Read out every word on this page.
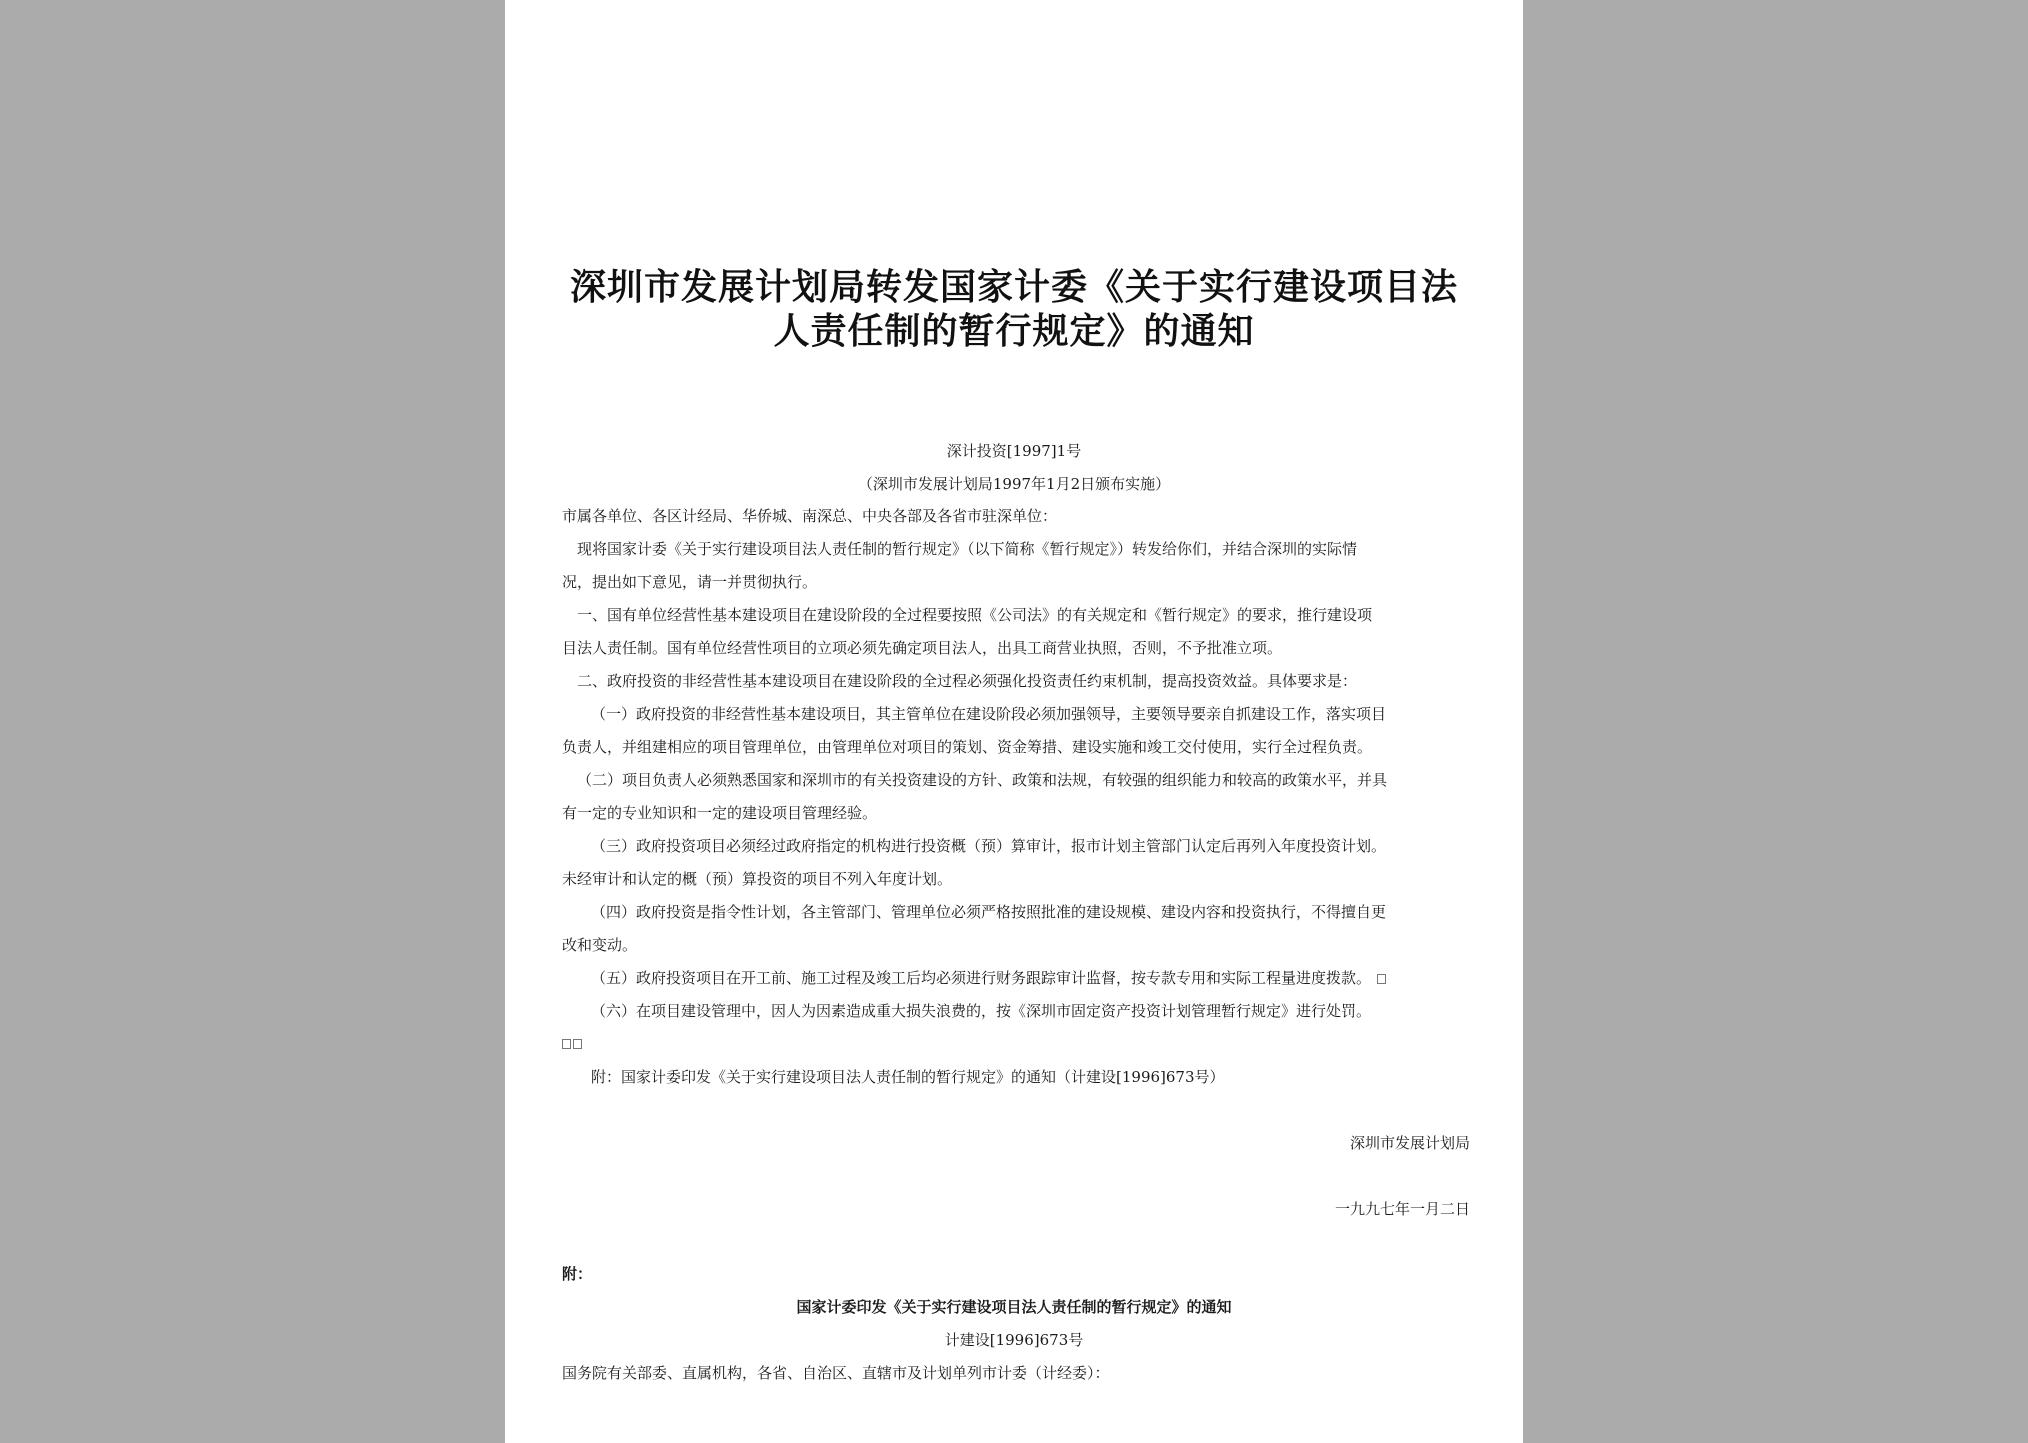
深圳市发展计划局转发国家计委《关于实行建设项目法
人责任制的暂行规定》的通知
深计投资[1997]1号
（深圳市发展计划局1997年1月2日颁布实施）
市属各单位、各区计经局、华侨城、南深总、中央各部及各省市驻深单位：
现将国家计委《关于实行建设项目法人责任制的暂行规定》（以下简称《暂行规定》）转发给你们，并结合深圳的实际情
况，提出如下意见，请一并贯彻执行。
一、国有单位经营性基本建设项目在建设阶段的全过程要按照《公司法》的有关规定和《暂行规定》的要求，推行建设项
目法人责任制。国有单位经营性项目的立项必须先确定项目法人，出具工商营业执照，否则，不予批准立项。
二、政府投资的非经营性基本建设项目在建设阶段的全过程必须强化投资责任约束机制，提高投资效益。具体要求是：
（一）政府投资的非经营性基本建设项目，其主管单位在建设阶段必须加强领导，主要领导要亲自抓建设工作，落实项目
负责人，并组建相应的项目管理单位，由管理单位对项目的策划、资金筹措、建设实施和竣工交付使用，实行全过程负责。
（二）项目负责人必须熟悉国家和深圳市的有关投资建设的方针、政策和法规，有较强的组织能力和较高的政策水平，并具
有一定的专业知识和一定的建设项目管理经验。
（三）政府投资项目必须经过政府指定的机构进行投资概（预）算审计，报市计划主管部门认定后再列入年度投资计划。
未经审计和认定的概（预）算投资的项目不列入年度计划。
（四）政府投资是指令性计划，各主管部门、管理单位必须严格按照批准的建设规模、建设内容和投资执行，不得擅自更
改和变动。
（五）政府投资项目在开工前、施工过程及竣工后均必须进行财务跟踪审计监督，按专款专用和实际工程量进度拨款。
（六）在项目建设管理中，因人为因素造成重大损失浪费的，按《深圳市固定资产投资计划管理暂行规定》进行处罚。
附：国家计委印发《关于实行建设项目法人责任制的暂行规定》的通知（计建设[1996]673号）
深圳市发展计划局
一九九七年一月二日
附：
国家计委印发《关于实行建设项目法人责任制的暂行规定》的通知
计建设[1996]673号
国务院有关部委、直属机构，各省、自治区、直辖市及计划单列市计委（计经委）：
